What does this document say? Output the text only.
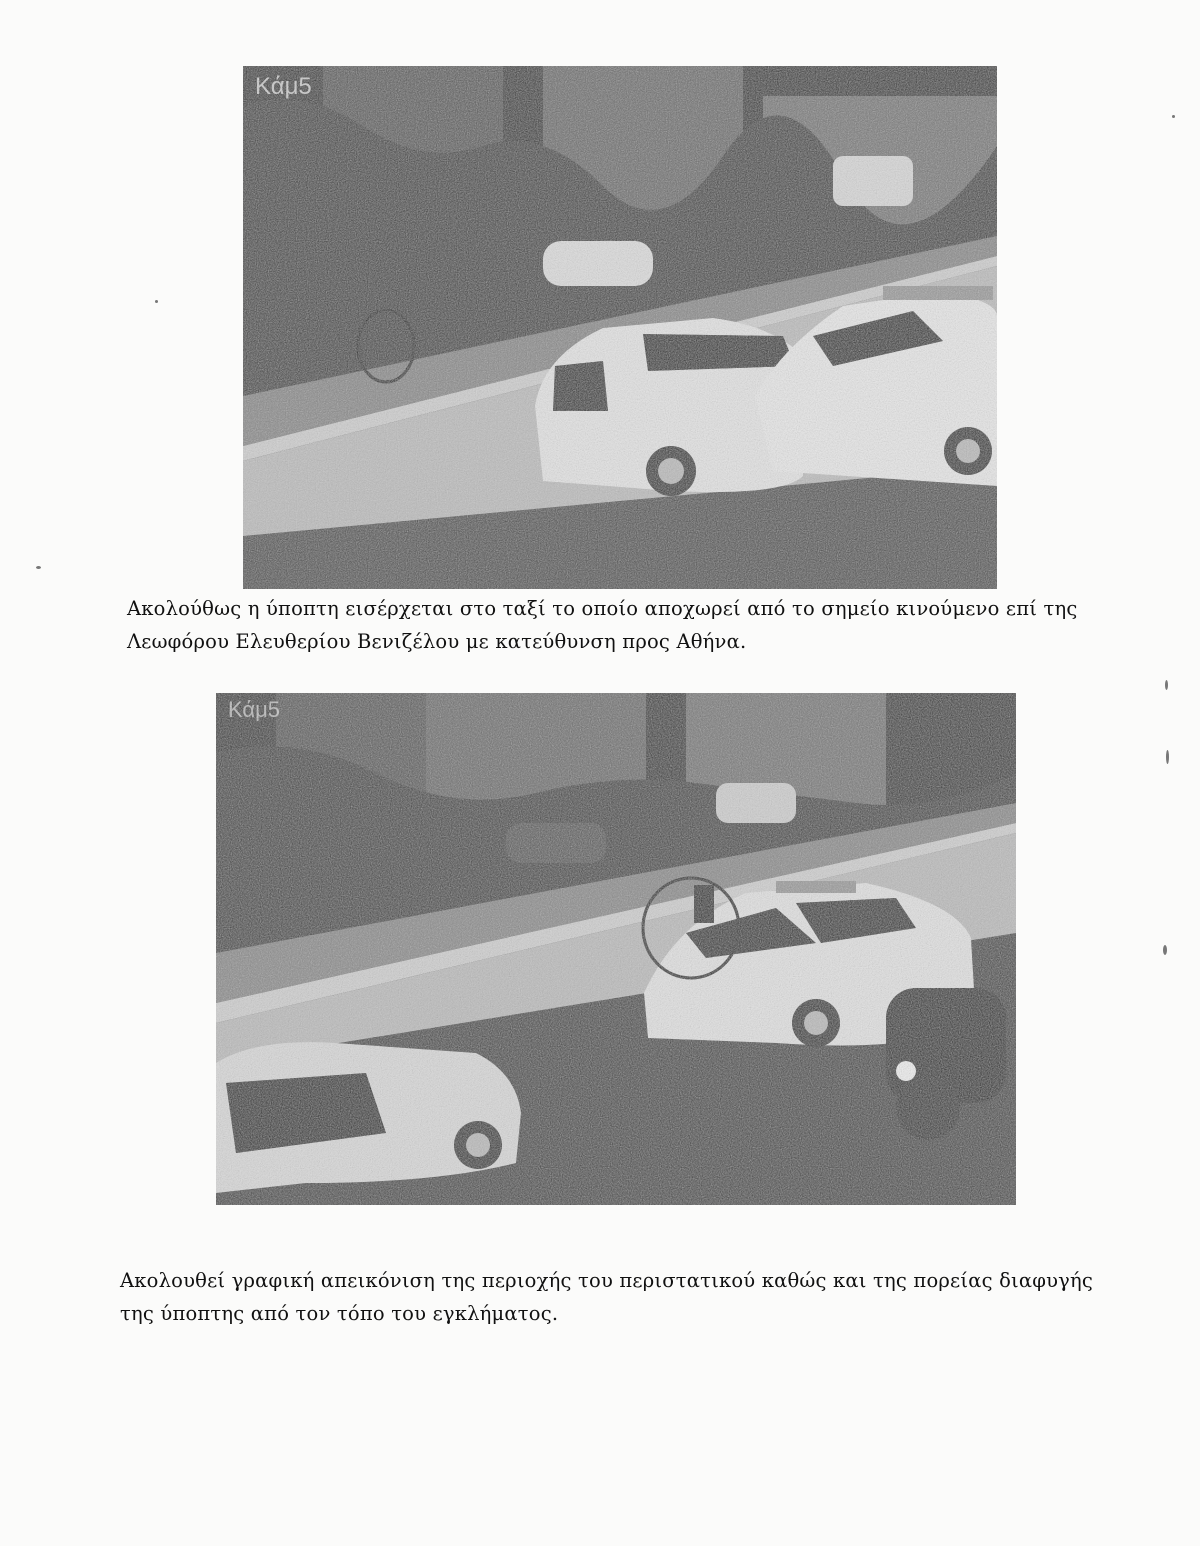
Κάμ5

Ακολούθως η ύποπτη εισέρχεται στο ταξί το οποίο αποχωρεί από το σημείο κινούμενο επί της Λεωφόρου Ελευθερίου Βενιζέλου με κατεύθυνση προς Αθήνα.

Κάμ5

Ακολουθεί γραφική απεικόνιση της περιοχής του περιστατικού καθώς και της πορείας διαφυγής της ύποπτης από τον τόπο του εγκλήματος.
